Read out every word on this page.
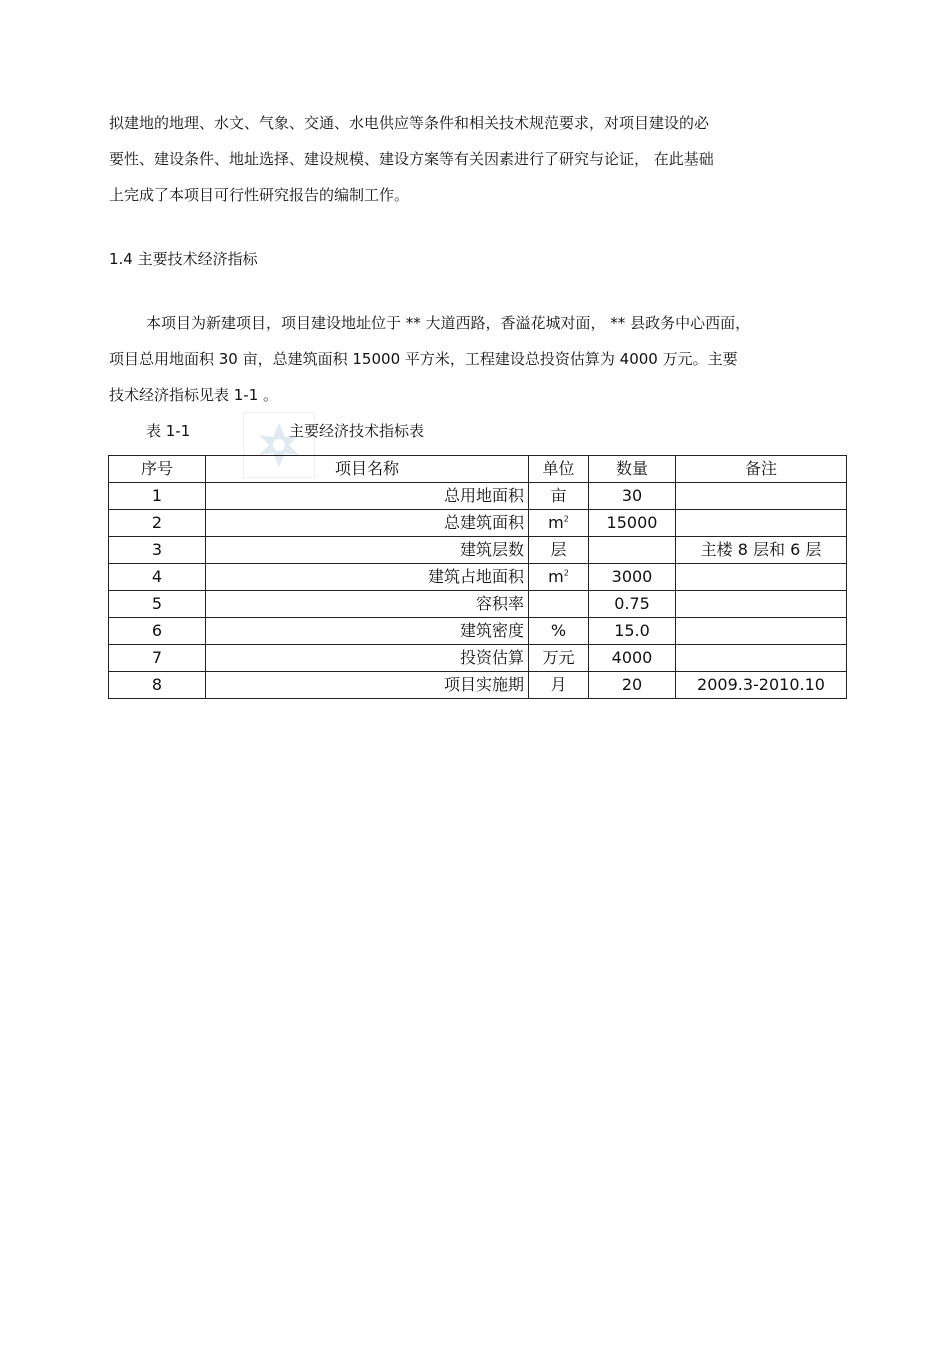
拟建地的地理、水文、气象、交通、水电供应等条件和相关技术规范要求，对项目建设的必
要性、建设条件、地址选择、建设规模、建设方案等有关因素进行了研究与论证， 在此基础
上完成了本项目可行性研究报告的编制工作。
1.4 主要技术经济指标
本项目为新建项目，项目建设地址位于 ** 大道西路，香溢花城对面， ** 县政务中心西面，
项目总用地面积 30 亩，总建筑面积 15000 平方米，工程建设总投资估算为 4000 万元。主要
技术经济指标见表 1-1 。
表 1-1	主要经济技术指标表
序号	项目名称	单位	数量	备注
1	总用地面积	亩	30	
2	总建筑面积	$m^2$	15000	
3	建筑层数	层		主楼 8 层和 6 层
4	建筑占地面积	$m^2$	3000	
5	容积率		0.75	
6	建筑密度	%	15.0	
7	投资估算	万元	4000	
8	项目实施期	月	20	2009.3-2010.10
